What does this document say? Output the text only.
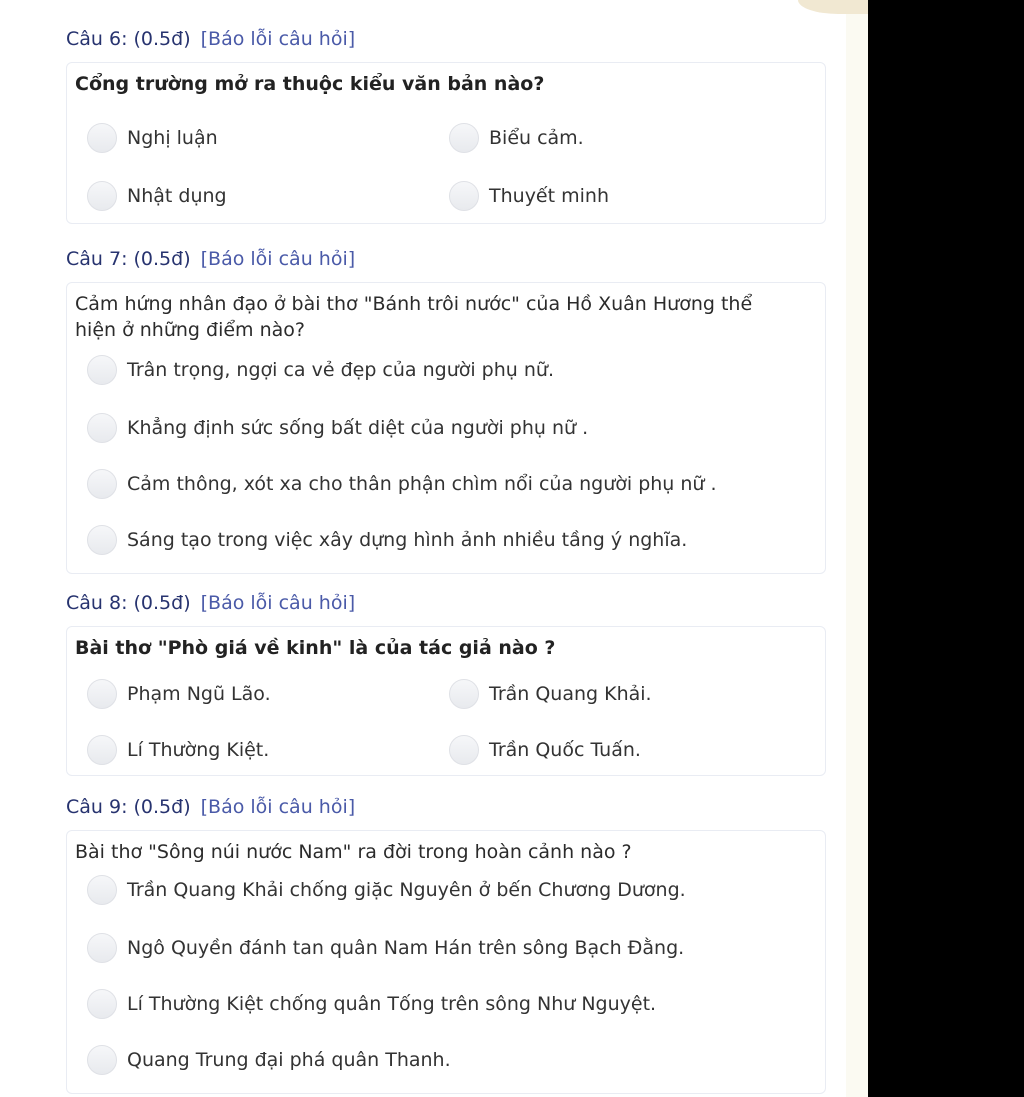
Câu 6: (0.5đ) [Báo lỗi câu hỏi]
Cổng trường mở ra thuộc kiểu văn bản nào?
Nghị luận	Biểu cảm.
Nhật dụng	Thuyết minh
Câu 7: (0.5đ) [Báo lỗi câu hỏi]
Cảm hứng nhân đạo ở bài thơ "Bánh trôi nước" của Hồ Xuân Hương thể hiện ở những điểm nào?
Trân trọng, ngợi ca vẻ đẹp của người phụ nữ.
Khẳng định sức sống bất diệt của người phụ nữ .
Cảm thông, xót xa cho thân phận chìm nổi của người phụ nữ .
Sáng tạo trong việc xây dựng hình ảnh nhiều tầng ý nghĩa.
Câu 8: (0.5đ) [Báo lỗi câu hỏi]
Bài thơ "Phò giá về kinh" là của tác giả nào ?
Phạm Ngũ Lão.	Trần Quang Khải.
Lí Thường Kiệt.	Trần Quốc Tuấn.
Câu 9: (0.5đ) [Báo lỗi câu hỏi]
Bài thơ "Sông núi nước Nam" ra đời trong hoàn cảnh nào ?
Trần Quang Khải chống giặc Nguyên ở bến Chương Dương.
Ngô Quyền đánh tan quân Nam Hán trên sông Bạch Đằng.
Lí Thường Kiệt chống quân Tống trên sông Như Nguyệt.
Quang Trung đại phá quân Thanh.
